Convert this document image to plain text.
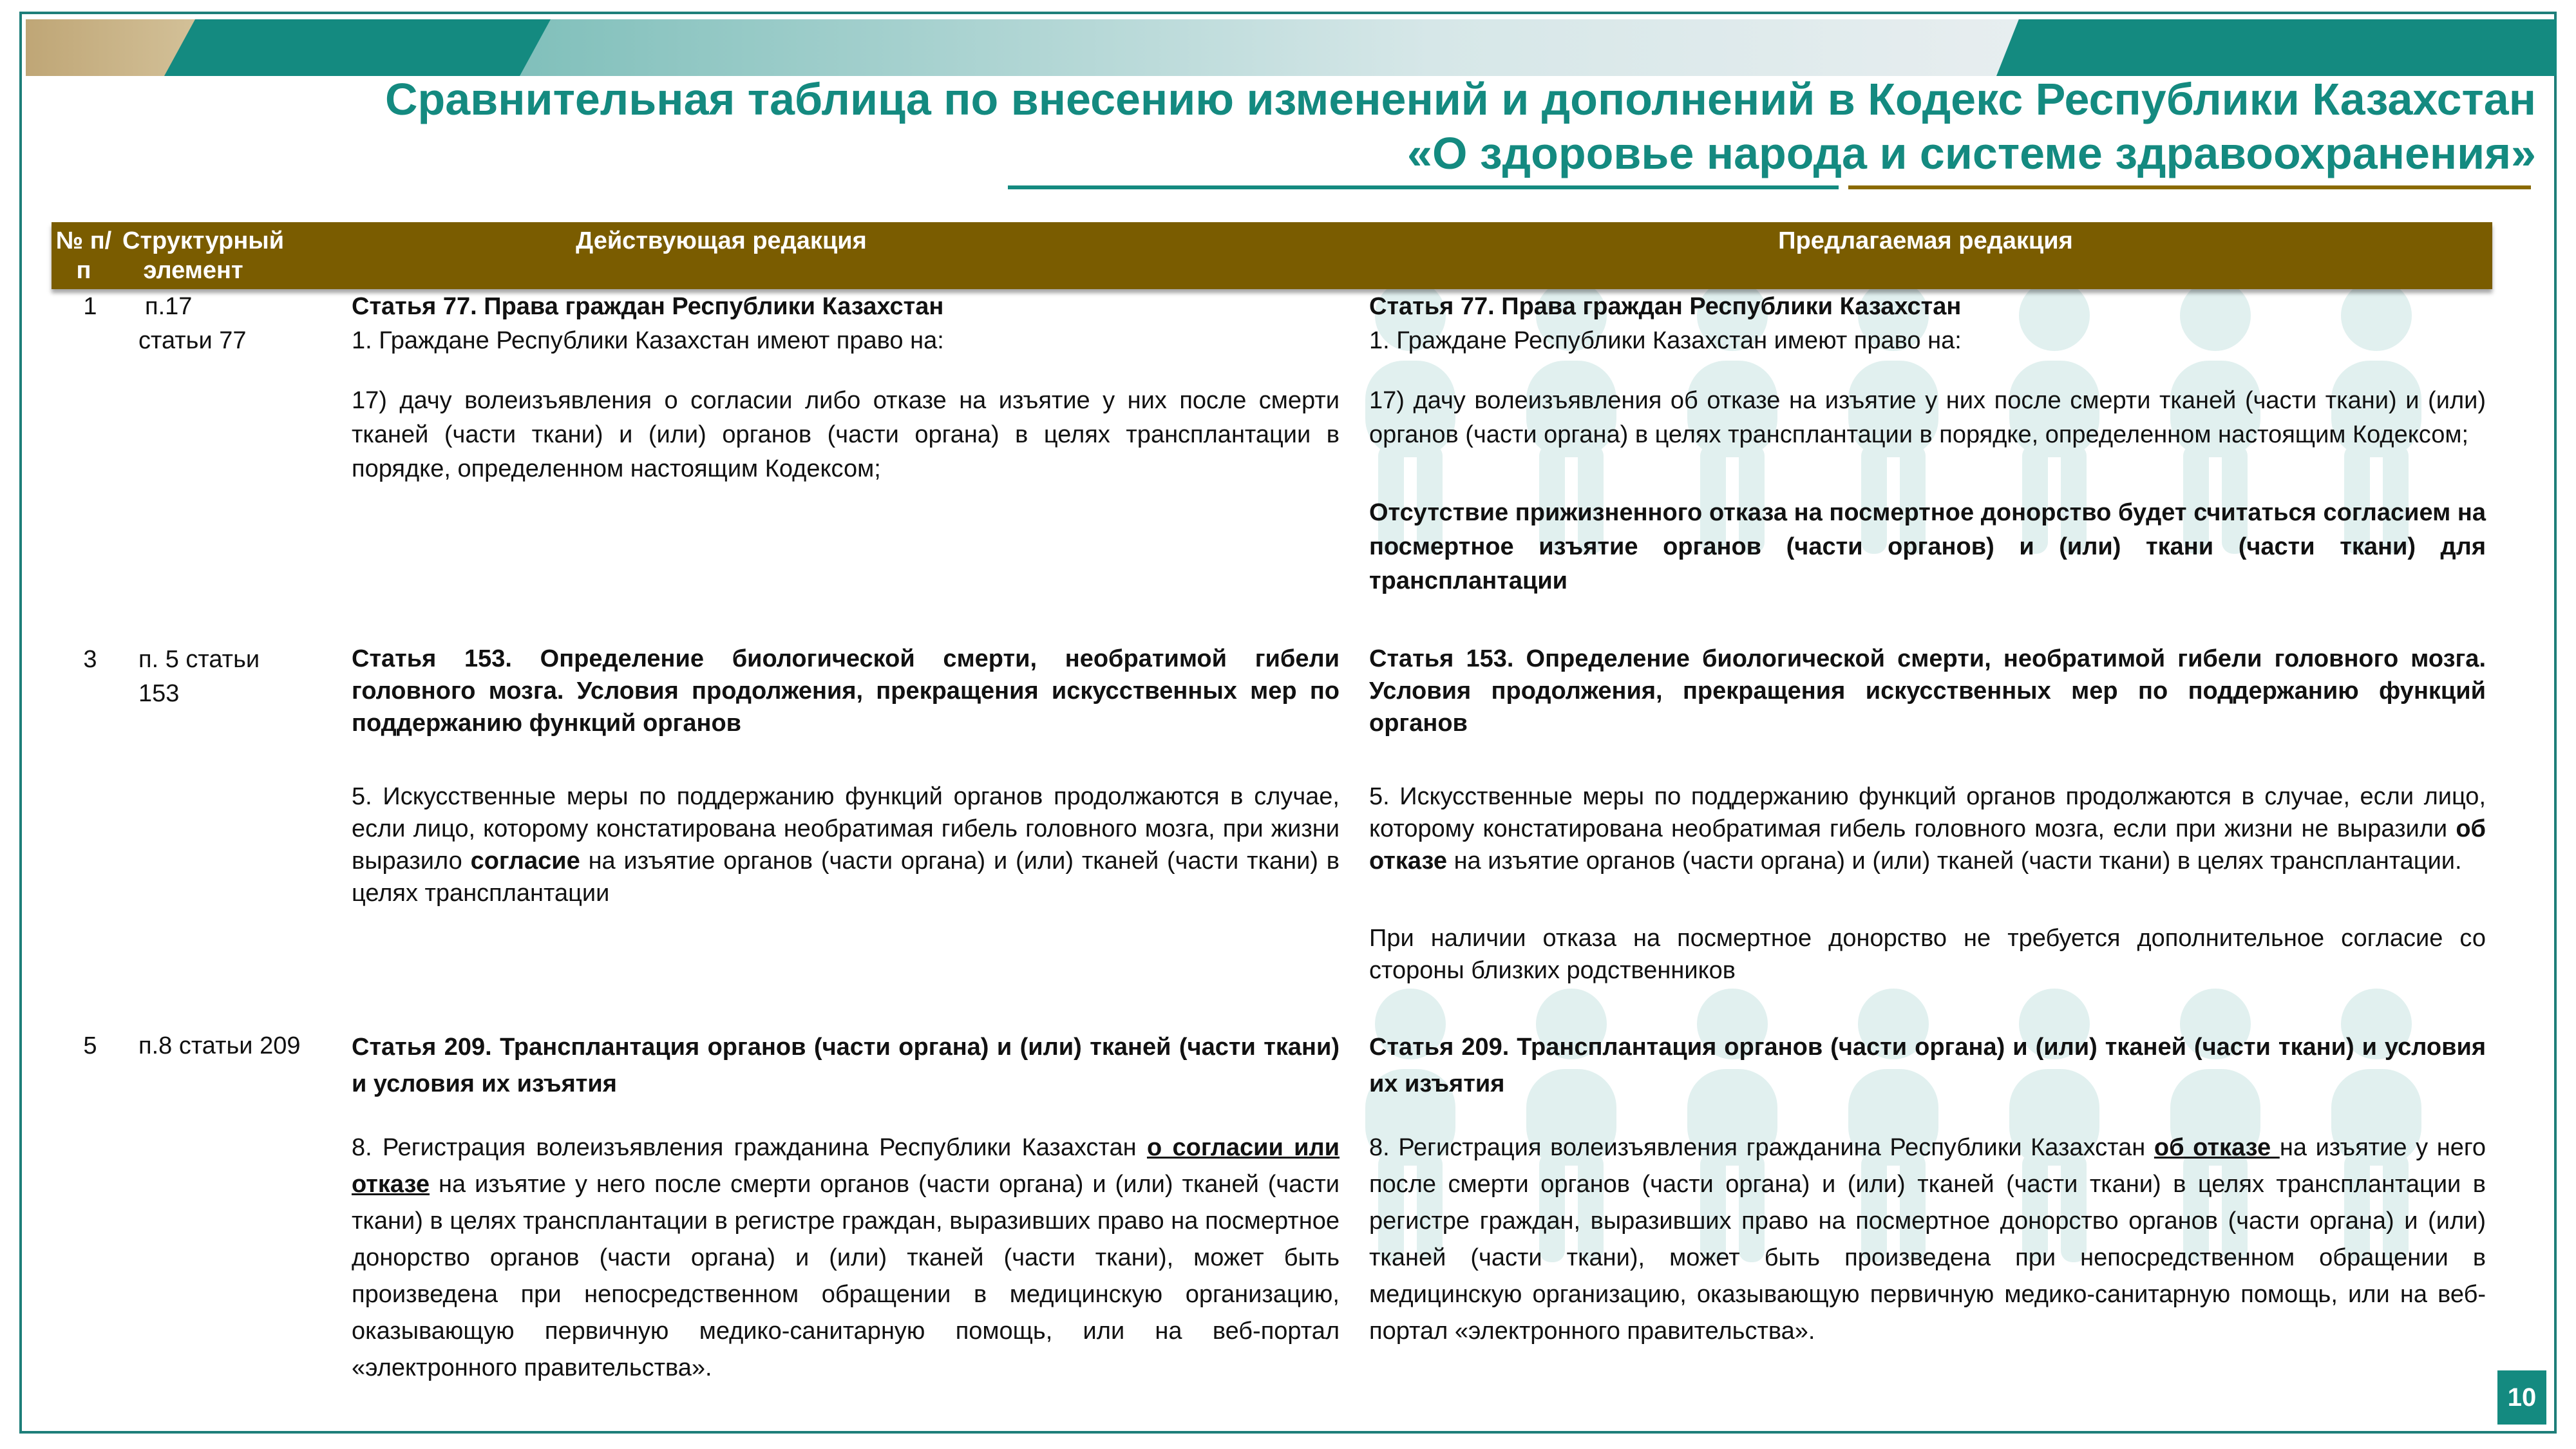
Сравнительная таблица по внесению изменений и дополнений в Кодекс Республики Казахстан
«О здоровье народа и системе здравоохранения»
№ п/п
Структурный элемент
Действующая редакция	Предлагаемая редакция
1 п.17
статьи 77
Статья 77. Права граждан Республики Казахстан
1. Граждане Республики Казахстан имеют право на:
17) дачу волеизъявления о согласии либо отказе на изъятие у них после смерти тканей (части ткани) и (или) органов (части органа) в целях трансплантации в порядке, определенном настоящим Кодексом;
Статья 77. Права граждан Республики Казахстан
1. Граждане Республики Казахстан имеют право на:
17) дачу волеизъявления об отказе на изъятие у них после смерти тканей (части ткани) и (или) органов (части органа) в целях трансплантации в порядке, определенном настоящим Кодексом;
Отсутствие прижизненного отказа на посмертное донорство будет считаться согласием на посмертное изъятие органов (части органов) и (или) ткани (части ткани) для трансплантации
3 п. 5 статьи
153
Статья 153. Определение биологической смерти, необратимой гибели головного мозга. Условия продолжения, прекращения искусственных мер по поддержанию функций органов
5. Искусственные меры по поддержанию функций органов продолжаются в случае, если лицо, которому констатирована необратимая гибель головного мозга, при жизни выразило согласие на изъятие органов (части органа) и (или) тканей (части ткани) в целях трансплантации
Статья 153. Определение биологической смерти, необратимой гибели головного мозга. Условия продолжения, прекращения искусственных мер по поддержанию функций органов
5. Искусственные меры по поддержанию функций органов продолжаются в случае, если лицо, которому констатирована необратимая гибель головного мозга, если при жизни не выразили об отказе на изъятие органов (части органа) и (или) тканей (части ткани) в целях трансплантации.
При наличии отказа на посмертное донорство не требуется дополнительное согласие со стороны близких родственников
5 п.8 статьи 209	Статья 209. Трансплантация органов (части органа) и (или) тканей (части ткани) и условия их изъятия
8. Регистрация волеизъявления гражданина Республики Казахстан о согласии или отказе на изъятие у него после смерти органов (части органа) и (или) тканей (части ткани) в целях трансплантации в регистре граждан, выразивших право на посмертное донорство органов (части органа) и (или) тканей (части ткани), может быть произведена при непосредственном обращении в медицинскую организацию, оказывающую первичную медико-санитарную помощь, или на веб-портал «электронного правительства».
Статья 209. Трансплантация органов (части органа) и (или) тканей (части ткани) и условия их изъятия
8. Регистрация волеизъявления гражданина Республики Казахстан об отказе на изъятие у него после смерти органов (части органа) и (или) тканей (части ткани) в целях трансплантации в регистре граждан, выразивших право на посмертное донорство органов (части органа) и (или) тканей (части ткани), может быть произведена при непосредственном обращении в медицинскую организацию, оказывающую первичную медико-санитарную помощь, или на веб-портал «электронного правительства».
10
